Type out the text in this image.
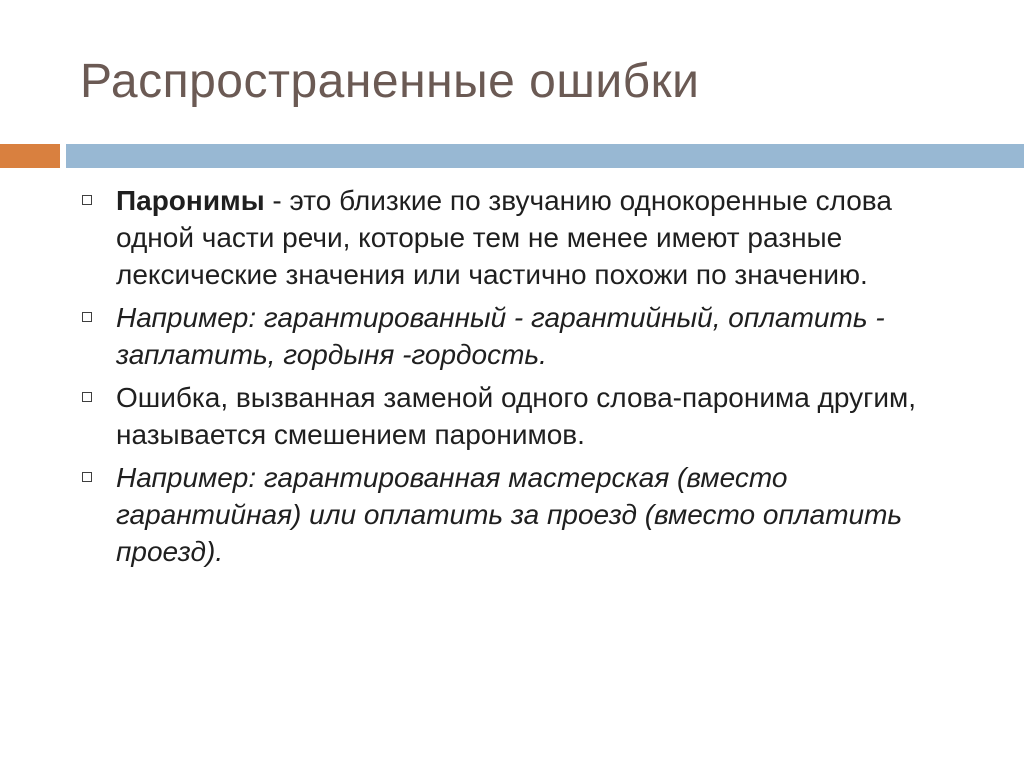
Распространенные ошибки
Паронимы - это близкие по звучанию однокоренные слова одной части речи, которые тем не менее имеют разные лексические значения или частично похожи по значению.
Например: гарантированный - гарантийный, оплатить - заплатить, гордыня -гордость.
Ошибка, вызванная заменой одного слова-паронима другим, называется смешением паронимов.
Например: гарантированная мастерская (вместо гарантийная) или оплатить за проезд (вместо оплатить проезд).
